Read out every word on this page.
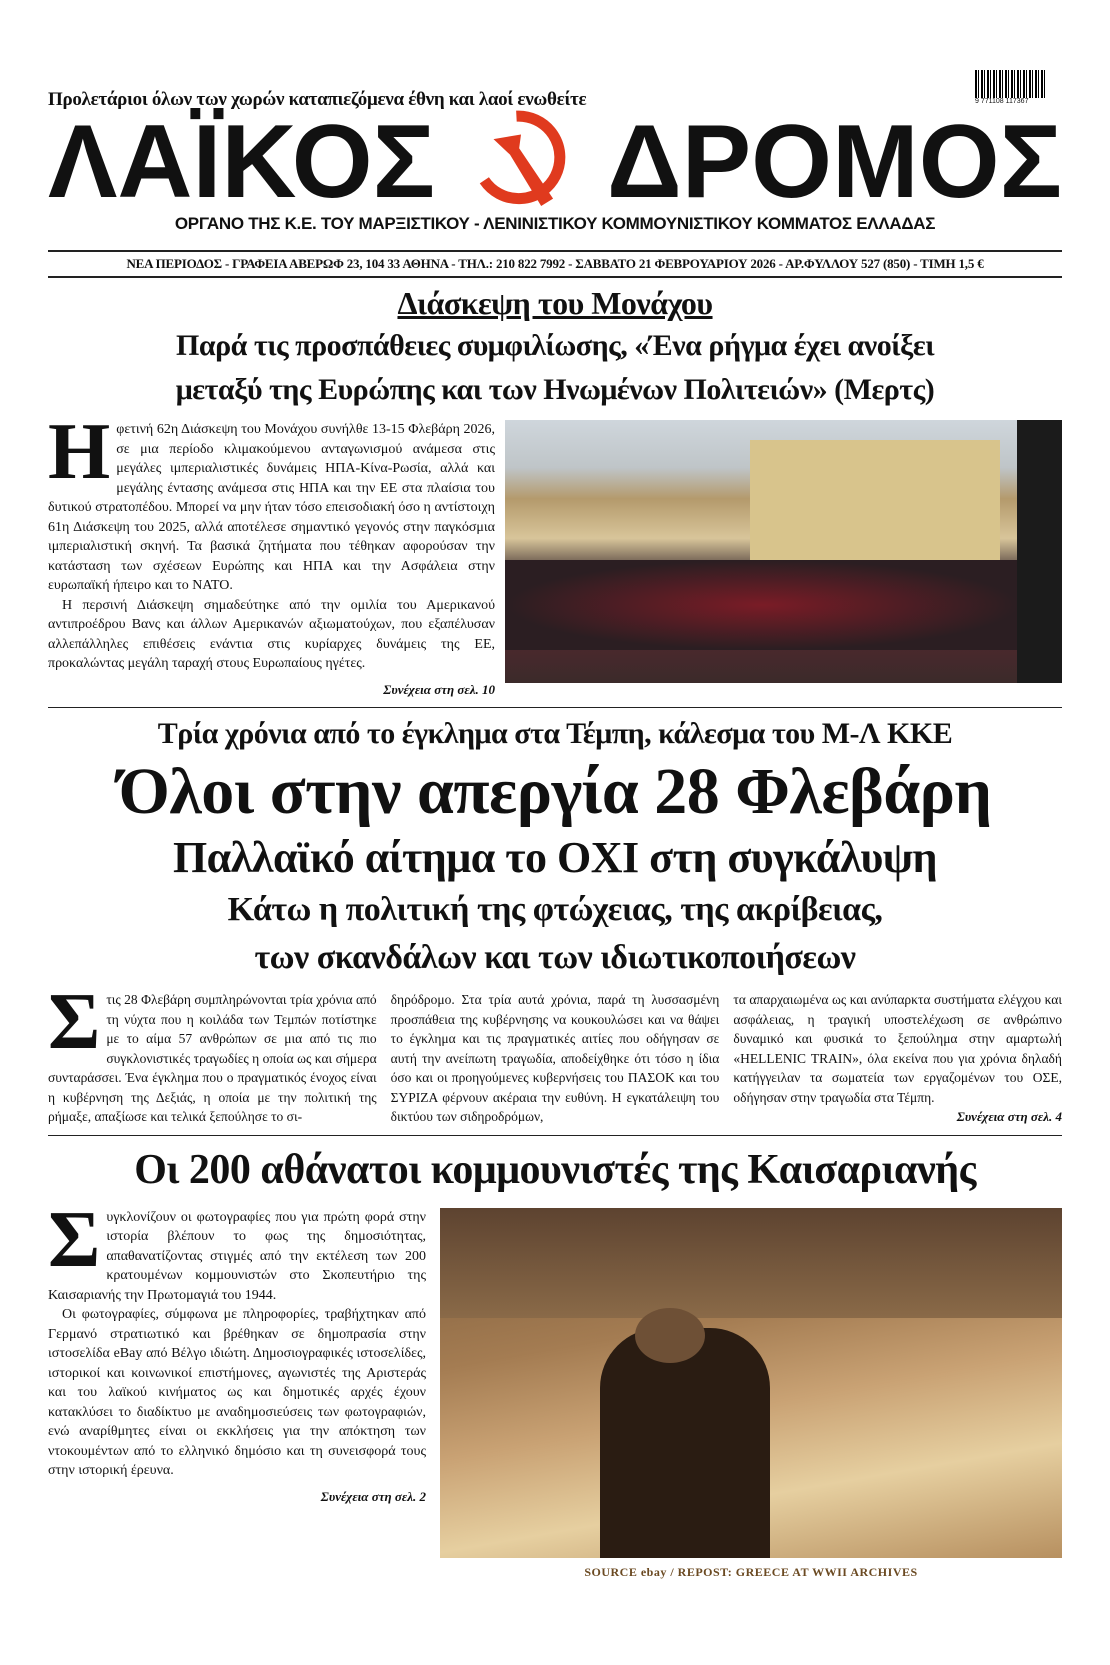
9 771108 117367
Προλετάριοι όλων των χωρών καταπιεζόμενα έθνη και λαοί ενωθείτε
ΛΑΪΚΟΣ ΔΡΟΜΟΣ
ΟΡΓΑΝΟ ΤΗΣ Κ.Ε. ΤΟΥ ΜΑΡΞΙΣΤΙΚΟΥ - ΛΕΝΙΝΙΣΤΙΚΟΥ ΚΟΜΜΟΥΝΙΣΤΙΚΟΥ ΚΟΜΜΑΤΟΣ ΕΛΛΑΔΑΣ
ΝΕΑ ΠΕΡΙΟΔΟΣ - ΓΡΑΦΕΙΑ ΑΒΕΡΩΦ 23, 104 33 ΑΘΗΝΑ - ΤΗΛ.: 210 822 7992 - ΣΑΒΒΑΤΟ 21 ΦΕΒΡΟΥΑΡΙΟΥ 2026 - ΑΡ.ΦΥΛΛΟΥ 527 (850) - ΤΙΜΗ 1,5 €
Διάσκεψη του Μονάχου
Παρά τις προσπάθειες συμφιλίωσης, «Ένα ρήγμα έχει ανοίξει
μεταξύ της Ευρώπης και των Ηνωμένων Πολιτειών» (Μερτς)
Η φετινή 62η Διάσκεψη του Μονάχου συνήλθε 13-15 Φλεβάρη 2026, σε μια περίοδο κλιμακούμενου ανταγωνισμού ανάμεσα στις μεγάλες ιμπεριαλιστικές δυνάμεις ΗΠΑ-Κίνα-Ρωσία, αλλά και μεγάλης έντασης ανάμεσα στις ΗΠΑ και την ΕΕ στα πλαίσια του δυτικού στρατοπέδου. Μπορεί να μην ήταν τόσο επεισοδιακή όσο η αντίστοιχη 61η Διάσκεψη του 2025, αλλά αποτέλεσε σημαντικό γεγονός στην παγκόσμια ιμπεριαλιστική σκηνή. Τα βασικά ζητήματα που τέθηκαν αφορούσαν την κατάσταση των σχέσεων Ευρώπης και ΗΠΑ και την Ασφάλεια στην ευρωπαϊκή ήπειρο και το ΝΑΤΟ.

Η περσινή Διάσκεψη σημαδεύτηκε από την ομιλία του Αμερικανού αντιπροέδρου Βανς και άλλων Αμερικανών αξιωματούχων, που εξαπέλυσαν αλλεπάλληλες επιθέσεις ενάντια στις κυρίαρχες δυνάμεις της ΕΕ, προκαλώντας μεγάλη ταραχή στους Ευρωπαίους ηγέτες.

Συνέχεια στη σελ. 10
Τρία χρόνια από το έγκλημα στα Τέμπη, κάλεσμα του Μ-Λ ΚΚΕ
Όλοι στην απεργία 28 Φλεβάρη
Παλλαϊκό αίτημα το ΟΧΙ στη συγκάλυψη
Κάτω η πολιτική της φτώχειας, της ακρίβειας,
των σκανδάλων και των ιδιωτικοποιήσεων
Σ τις 28 Φλεβάρη συμπληρώνονται τρία χρόνια από τη νύχτα που η κοιλάδα των Τεμπών ποτίστηκε με το αίμα 57 ανθρώπων σε μια από τις πιο συγκλονιστικές τραγωδίες η οποία ως και σήμερα συνταράσσει. Ένα έγκλημα που ο πραγματικός ένοχος είναι η κυβέρνηση της Δεξιάς, η οποία με την πολιτική της ρήμαξε, απαξίωσε και τελικά ξεπούλησε το σι-

δηρόδρομο. Στα τρία αυτά χρόνια, παρά τη λυσσασμένη προσπάθεια της κυβέρνησης να κουκουλώσει και να θάψει το έγκλημα και τις πραγματικές αιτίες που οδήγησαν σε αυτή την ανείπωτη τραγωδία, αποδείχθηκε ότι τόσο η ίδια όσο και οι προηγούμενες κυβερνήσεις του ΠΑΣΟΚ και του ΣΥΡΙΖΑ φέρνουν ακέραια την ευθύνη. Η εγκατάλειψη του δικτύου των σιδηροδρόμων,

τα απαρχαιωμένα ως και ανύπαρκτα συστήματα ελέγχου και ασφάλειας, η τραγική υποστελέχωση σε ανθρώπινο δυναμικό και φυσικά το ξεπούλημα στην αμαρτωλή «HELLENIC TRAIN», όλα εκείνα που για χρόνια δηλαδή κατήγγειλαν τα σωματεία των εργαζομένων του ΟΣΕ, οδήγησαν στην τραγωδία στα Τέμπη.

Συνέχεια στη σελ. 4
Οι 200 αθάνατοι κομμουνιστές της Καισαριανής
Σ υγκλονίζουν οι φωτογραφίες που για πρώτη φορά στην ιστορία βλέπουν το φως της δημοσιότητας, απαθανατίζοντας στιγμές από την εκτέλεση των 200 κρατουμένων κομμουνιστών στο Σκοπευτήριο της Καισαριανής την Πρωτομαγιά του 1944.

Οι φωτογραφίες, σύμφωνα με πληροφορίες, τραβήχτηκαν από Γερμανό στρατιωτικό και βρέθηκαν σε δημοπρασία στην ιστοσελίδα eBay από Βέλγο ιδιώτη. Δημοσιογραφικές ιστοσελίδες, ιστορικοί και κοινωνικοί επιστήμονες, αγωνιστές της Αριστεράς και του λαϊκού κινήματος ως και δημοτικές αρχές έχουν κατακλύσει το διαδίκτυο με αναδημοσιεύσεις των φωτογραφιών, ενώ αναρίθμητες είναι οι εκκλήσεις για την απόκτηση των ντοκουμέντων από το ελληνικό δημόσιο και τη συνεισφορά τους στην ιστορική έρευνα.

Συνέχεια στη σελ. 2
SOURCE ebay / REPOST: GREECE AT WWII ARCHIVES
